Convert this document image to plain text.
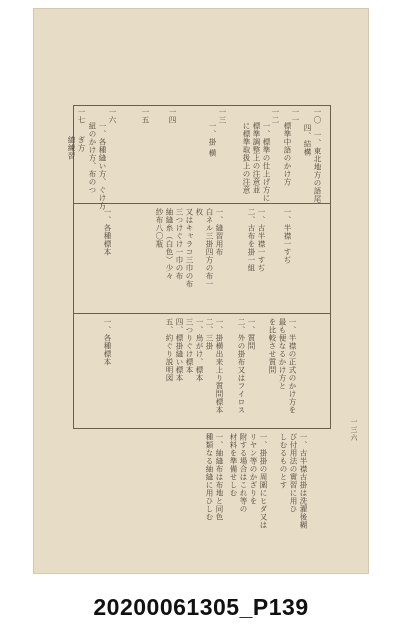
一〇 一、東北地方の語尾
四、結構
一一
標準中語のかけ方
一二
一、標準の仕上げ方に
標準調整上の注意並
に標準取扱上の注意
一三
一、掛 横
一四
一五
一六
一、各種縫い方、ぐけ方
紐のかけ方、布のつ
一七
ぎ方
總練習
一、半襟一すぢ
一、古半襟一すぢ
二、古布を掛一組
一、縫習用布
白ネル三掛四方の布一
枚
又はキャラコ三巾の布
三つけぐけ一巾の布
紬縫糸（白色）少々
紗布八〇瓶
一、各種標本
一、半襟の正式のかけ方を
最も便なるかけ方と
を比較させ質問
一、質問
二、外の掛布又はフイロス
一、掛横出来上り質問標本
二、三掛
一、鳥がけ、標本
三つりぐけ標本
四、標掛縫い標本
五、約ぐり説明図
一、各種標本
一、古半襟古掛は洗濯後糊
び付用法の實習に用ひ
しむるものとす
一、掛掛の周圍にヒダ又は
リヤン等のかざりを
附する場合はこれ等の
材料を準備せしむ
一、紬縫布は布地と同色
種類なる紬縫に用ひしむ
一三六
20200061305_P139
